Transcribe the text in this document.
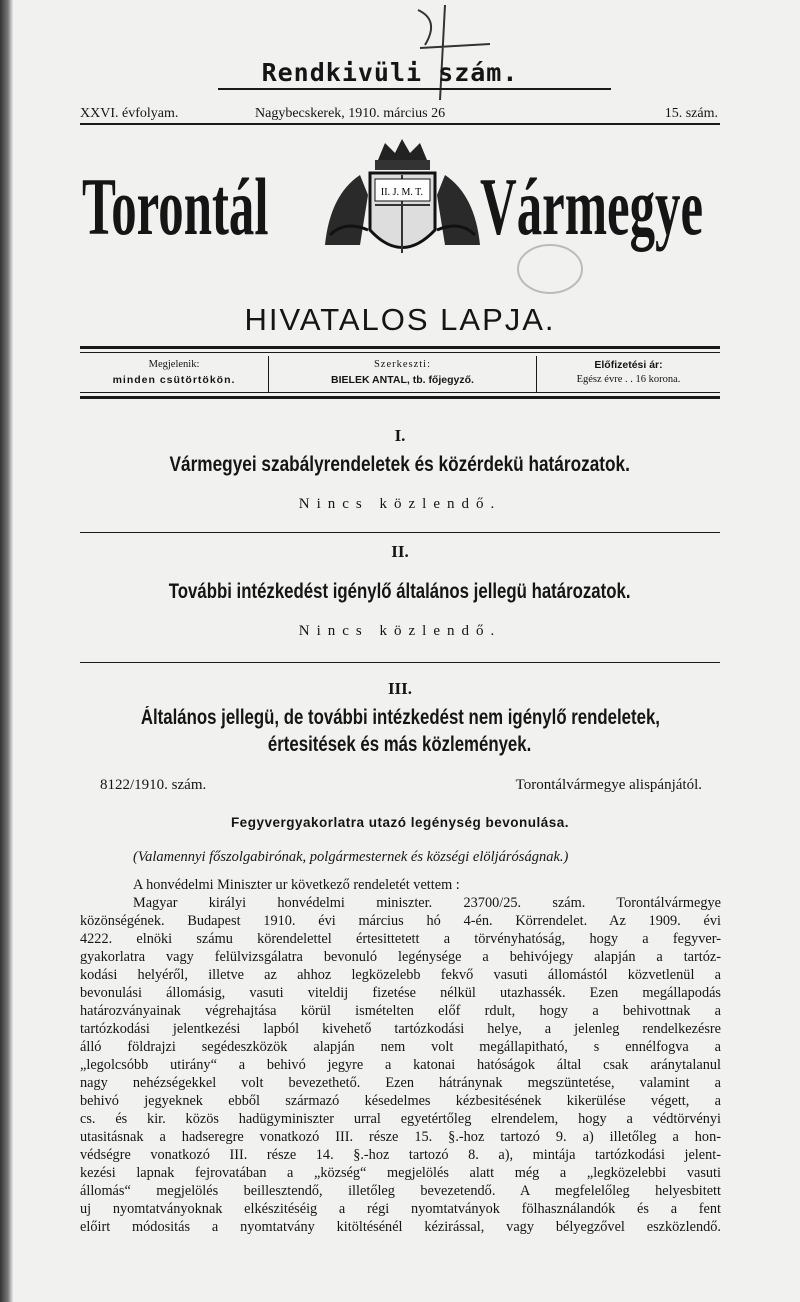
Rendkivüli szám.
XXVI. évfolyam.	Nagybecskerek, 1910. március 26	15. szám.
Torontál	Vármegye
II. J. M. T.
HIVATALOS LAPJA.
Megjelenik:
minden csütörtökön.
Szerkeszti:
BIELEK ANTAL, tb. főjegyző.
Előfizetési ár:
Egész évre . . 16 korona.
I.
Vármegyei szabályrendeletek és közérdekü határozatok.
Nincs közlendő.
II.
További intézkedést igénylő általános jellegü határozatok.
Nincs közlendő.
III.
Általános jellegü, de további intézkedést nem igénylő rendeletek,
értesitések és más közlemények.
8122/1910. szám.	Torontálvármegye alispánjától.
Fegyvergyakorlatra utazó legénység bevonulása.
(Valamennyi főszolgabirónak, polgármesternek és községi elöljáróságnak.)
A honvédelmi Miniszter ur következő rendeletét vettem :
Magyar királyi honvédelmi miniszter. 23700/25. szám. Torontálvármegye
közönségének. Budapest 1910. évi március hó 4-én. Körrendelet. Az 1909. évi
4222. elnöki számu körendelettel értesittetett a törvényhatóság, hogy a fegyver-
gyakorlatra vagy felülvizsgálatra bevonuló legénysége a behivójegy alapján a tartóz-
kodási helyéről, illetve az ahhoz legközelebb fekvő vasuti állomástól közvetlenül a
bevonulási állomásig, vasuti viteldij fizetése nélkül utazhassék. Ezen megállapodás
határozványainak végrehajtása körül ismételten előf rdult, hogy a behivottnak a
tartózkodási jelentkezési lapból kivehető tartózkodási helye, a jelenleg rendelkezésre
álló földrajzi segédeszközök alapján nem volt megállapitható, s ennélfogva a
„legolcsóbb utirány“ a behivó jegyre a katonai hatóságok által csak aránytalanul
nagy nehézségekkel volt bevezethető. Ezen hátránynak megszüntetése, valamint a
behivó jegyeknek ebből származó késedelmes kézbesitésének kikerülése végett, a
cs. és kir. közös hadügyminiszter urral egyetértőleg elrendelem, hogy a védtörvényi
utasitásnak a hadseregre vonatkozó III. része 15. §.-hoz tartozó 9. a) illetőleg a hon-
védségre vonatkozó III. része 14. §.-hoz tartozó 8. a), mintája tartózkodási jelent-
kezési lapnak fejrovatában a „község“ megjelölés alatt még a „legközelebbi vasuti
állomás“ megjelölés beillesztendő, illetőleg bevezetendő. A megfelelőleg helyesbitett
uj nyomtatványoknak elkészitéséig a régi nyomtatványok fölhasználandók és a fent
előirt módositás a nyomtatvány kitöltésénél kézirással, vagy bélyegzővel eszközlendő.
